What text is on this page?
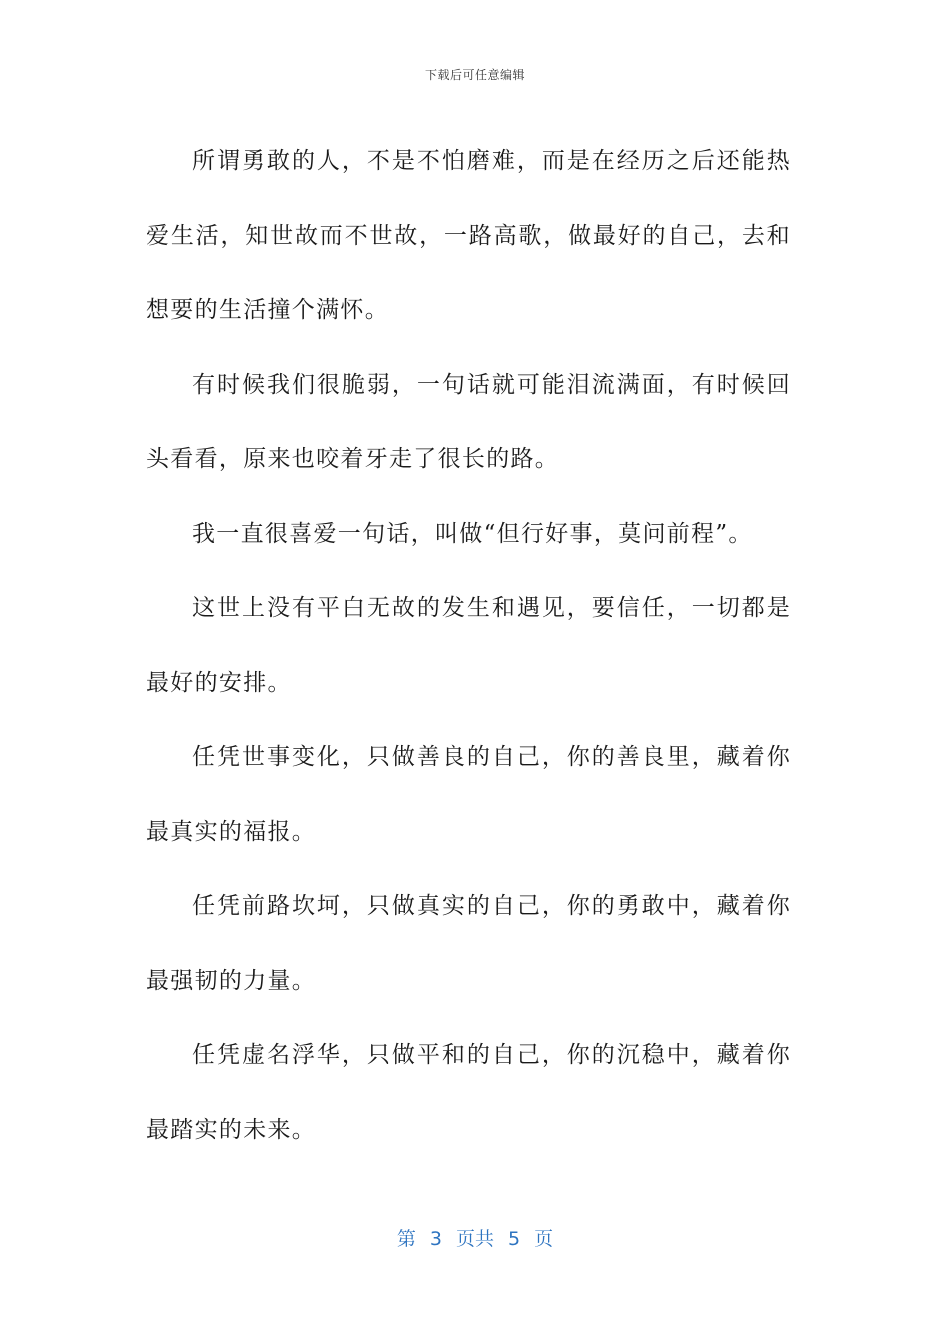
下载后可任意编辑

所谓勇敢的人，不是不怕磨难，而是在经历之后还能热爱生活，知世故而不世故，一路高歌，做最好的自己，去和想要的生活撞个满怀。

有时候我们很脆弱，一句话就可能泪流满面，有时候回头看看，原来也咬着牙走了很长的路。

我一直很喜爱一句话，叫做“但行好事，莫问前程”。

这世上没有平白无故的发生和遇见，要信任，一切都是最好的安排。

任凭世事变化，只做善良的自己，你的善良里，藏着你最真实的福报。

任凭前路坎坷，只做真实的自己，你的勇敢中，藏着你最强韧的力量。

任凭虚名浮华，只做平和的自己，你的沉稳中，藏着你最踏实的未来。

第 3 页共 5 页
